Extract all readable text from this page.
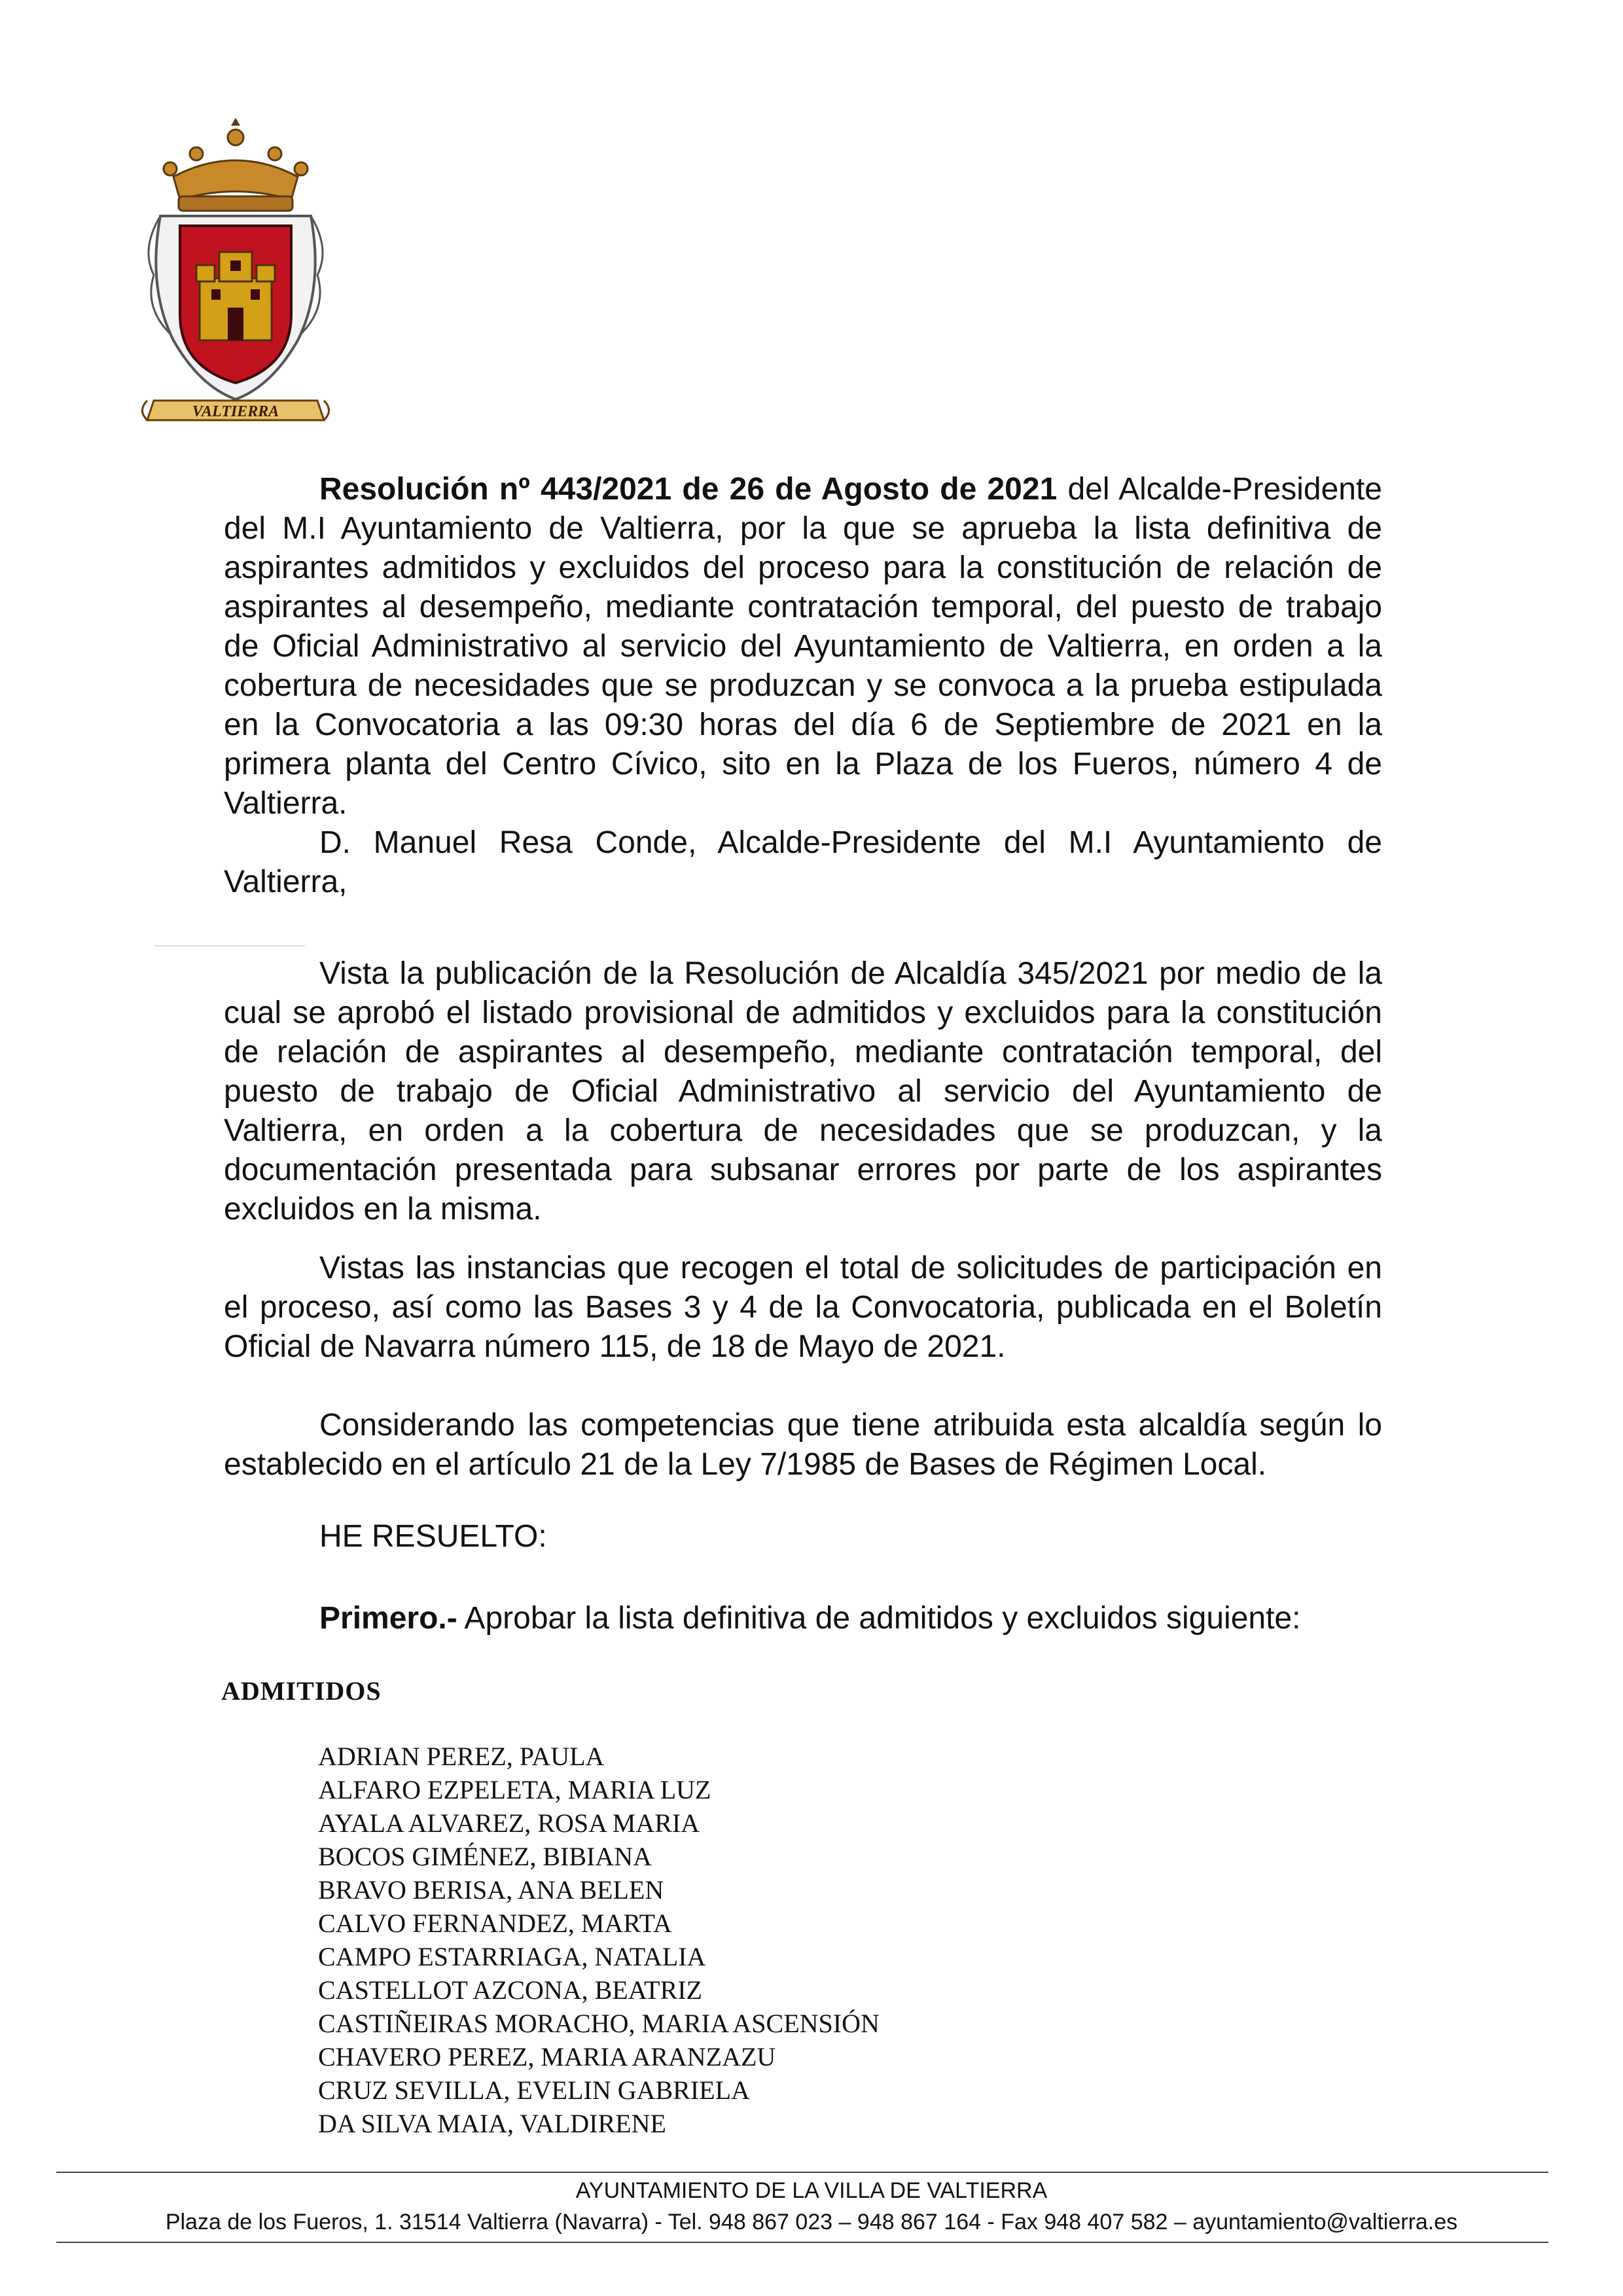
VALTIERRA
Resolución nº 443/2021 de 26 de Agosto de 2021 del Alcalde-Presidente del M.I Ayuntamiento de Valtierra, por la que se aprueba la lista definitiva de aspirantes admitidos y excluidos del proceso para la constitución de relación de aspirantes al desempeño, mediante contratación temporal, del puesto de trabajo de Oficial Administrativo al servicio del Ayuntamiento de Valtierra, en orden a la cobertura de necesidades que se produzcan y se convoca a la prueba estipulada en la Convocatoria a las 09:30 horas del día 6 de Septiembre de 2021 en la primera planta del Centro Cívico, sito en la Plaza de los Fueros, número 4 de Valtierra.
D. Manuel Resa Conde, Alcalde-Presidente del M.I Ayuntamiento de Valtierra,
Vista la publicación de la Resolución de Alcaldía 345/2021 por medio de la cual se aprobó el listado provisional de admitidos y excluidos para la constitución de relación de aspirantes al desempeño, mediante contratación temporal, del puesto de trabajo de Oficial Administrativo al servicio del Ayuntamiento de Valtierra, en orden a la cobertura de necesidades que se produzcan, y la documentación presentada para subsanar errores por parte de los aspirantes excluidos en la misma.
Vistas las instancias que recogen el total de solicitudes de participación en el proceso, así como las Bases 3 y 4 de la Convocatoria, publicada en el Boletín Oficial de Navarra número 115, de 18 de Mayo de 2021.
Considerando las competencias que tiene atribuida esta alcaldía según lo establecido en el artículo 21 de la Ley 7/1985 de Bases de Régimen Local.
HE RESUELTO:
Primero.- Aprobar la lista definitiva de admitidos y excluidos siguiente:
ADMITIDOS
ADRIAN PEREZ, PAULA
ALFARO EZPELETA, MARIA LUZ
AYALA ALVAREZ, ROSA MARIA
BOCOS GIMÉNEZ, BIBIANA
BRAVO BERISA, ANA BELEN
CALVO FERNANDEZ, MARTA
CAMPO ESTARRIAGA, NATALIA
CASTELLOT AZCONA, BEATRIZ
CASTIÑEIRAS MORACHO, MARIA ASCENSIÓN
CHAVERO PEREZ, MARIA ARANZAZU
CRUZ SEVILLA, EVELIN GABRIELA
DA SILVA MAIA, VALDIRENE
AYUNTAMIENTO DE LA VILLA DE VALTIERRA
Plaza de los Fueros, 1. 31514 Valtierra (Navarra) - Tel. 948 867 023 – 948 867 164 - Fax 948 407 582 – ayuntamiento@valtierra.es
